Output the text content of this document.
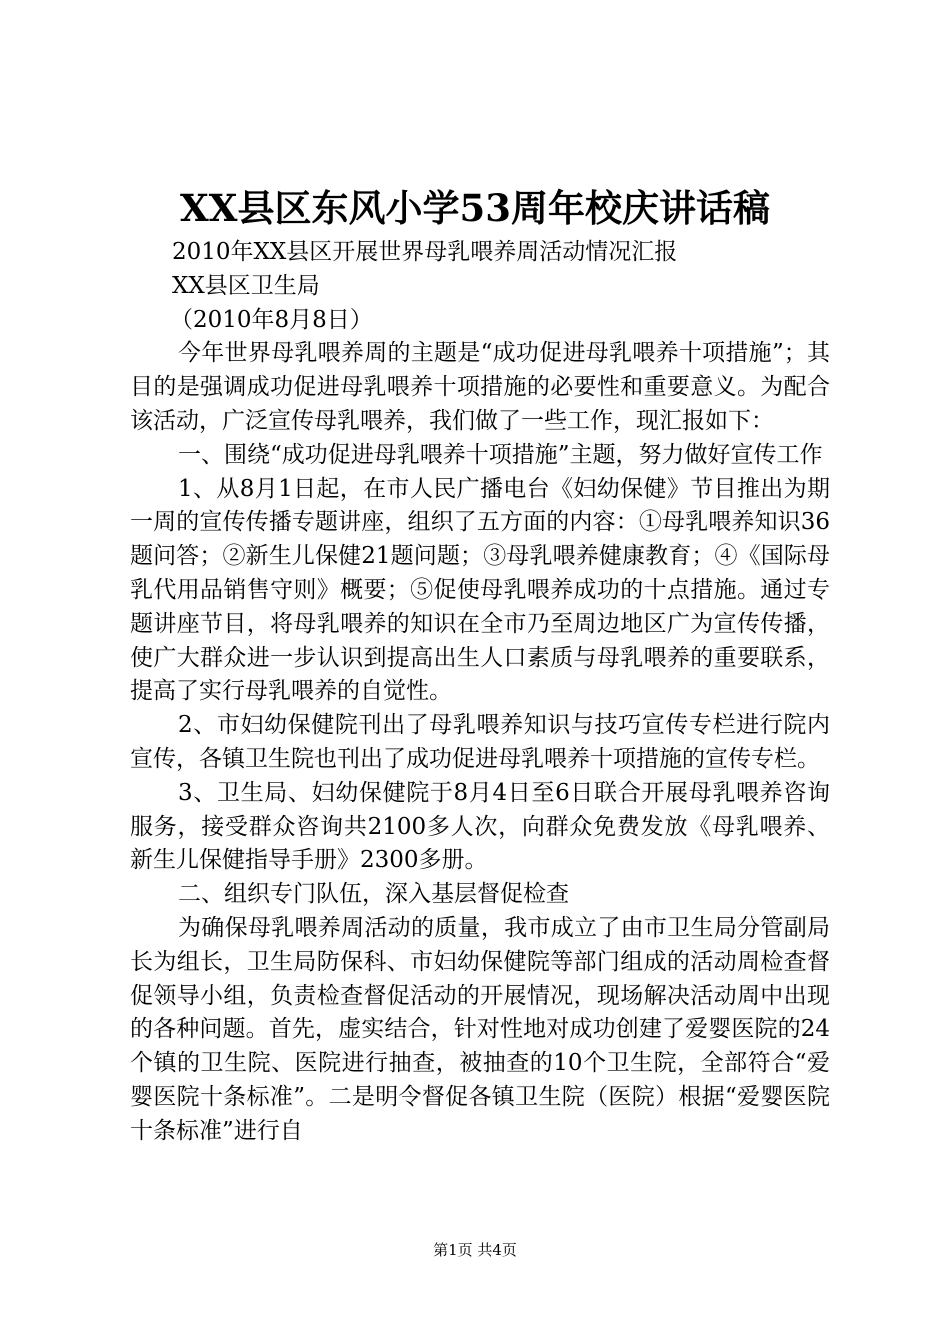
XX县区东风小学53周年校庆讲话稿

2010年XX县区开展世界母乳喂养周活动情况汇报

XX县区卫生局

（2010年8月8日）

今年世界母乳喂养周的主题是“成功促进母乳喂养十项措施”；其目的是强调成功促进母乳喂养十项措施的必要性和重要意义。为配合该活动，广泛宣传母乳喂养，我们做了一些工作，现汇报如下：

一、围绕“成功促进母乳喂养十项措施”主题，努力做好宣传工作

1、从8月1日起，在市人民广播电台《妇幼保健》节目推出为期一周的宣传传播专题讲座，组织了五方面的内容：①母乳喂养知识36题问答；②新生儿保健21题问题；③母乳喂养健康教育；④《国际母乳代用品销售守则》概要；⑤促使母乳喂养成功的十点措施。通过专题讲座节目，将母乳喂养的知识在全市乃至周边地区广为宣传传播，使广大群众进一步认识到提高出生人口素质与母乳喂养的重要联系，提高了实行母乳喂养的自觉性。

2、市妇幼保健院刊出了母乳喂养知识与技巧宣传专栏进行院内宣传，各镇卫生院也刊出了成功促进母乳喂养十项措施的宣传专栏。

3、卫生局、妇幼保健院于8月4日至6日联合开展母乳喂养咨询服务，接受群众咨询共2100多人次，向群众免费发放《母乳喂养、新生儿保健指导手册》2300多册。

二、组织专门队伍，深入基层督促检查

为确保母乳喂养周活动的质量，我市成立了由市卫生局分管副局长为组长，卫生局防保科、市妇幼保健院等部门组成的活动周检查督促领导小组，负责检查督促活动的开展情况，现场解决活动周中出现的各种问题。首先，虚实结合，针对性地对成功创建了爱婴医院的24个镇的卫生院、医院进行抽查，被抽查的10个卫生院，全部符合“爱婴医院十条标准”。二是明令督促各镇卫生院（医院）根据“爱婴医院十条标准”进行自

第1页 共4页
